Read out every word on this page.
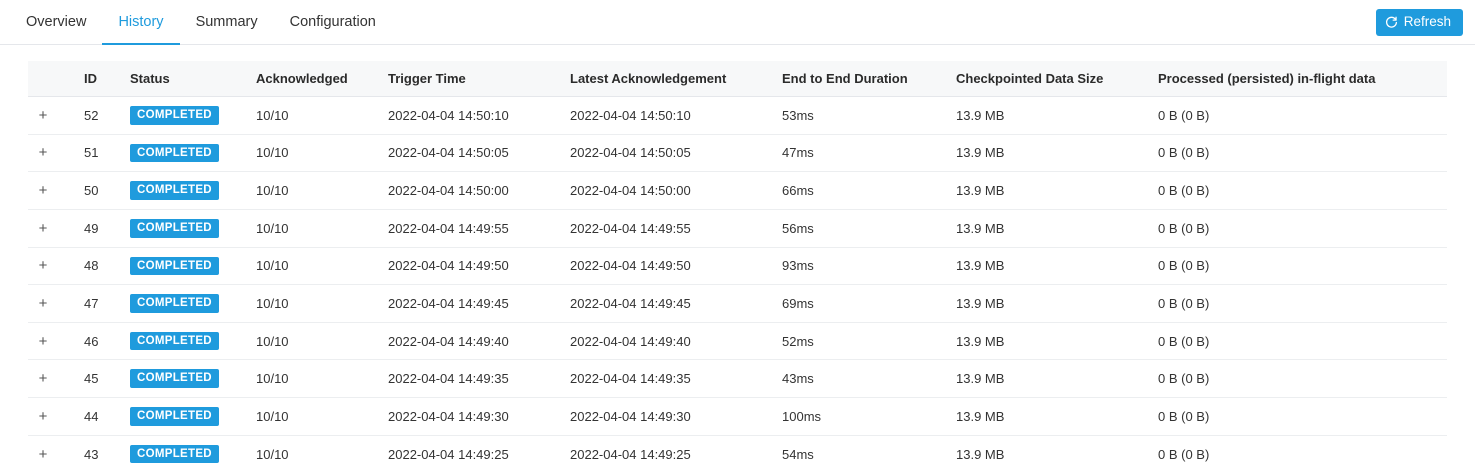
Overview	History	Summary	Configuration	Refresh
	ID	Status	Acknowledged	Trigger Time	Latest Acknowledgement	End to End Duration	Checkpointed Data Size	Processed (persisted) in-flight data
+	52	COMPLETED	10/10	2022-04-04 14:50:10	2022-04-04 14:50:10	53ms	13.9 MB	0 B (0 B)
+	51	COMPLETED	10/10	2022-04-04 14:50:05	2022-04-04 14:50:05	47ms	13.9 MB	0 B (0 B)
+	50	COMPLETED	10/10	2022-04-04 14:50:00	2022-04-04 14:50:00	66ms	13.9 MB	0 B (0 B)
+	49	COMPLETED	10/10	2022-04-04 14:49:55	2022-04-04 14:49:55	56ms	13.9 MB	0 B (0 B)
+	48	COMPLETED	10/10	2022-04-04 14:49:50	2022-04-04 14:49:50	93ms	13.9 MB	0 B (0 B)
+	47	COMPLETED	10/10	2022-04-04 14:49:45	2022-04-04 14:49:45	69ms	13.9 MB	0 B (0 B)
+	46	COMPLETED	10/10	2022-04-04 14:49:40	2022-04-04 14:49:40	52ms	13.9 MB	0 B (0 B)
+	45	COMPLETED	10/10	2022-04-04 14:49:35	2022-04-04 14:49:35	43ms	13.9 MB	0 B (0 B)
+	44	COMPLETED	10/10	2022-04-04 14:49:30	2022-04-04 14:49:30	100ms	13.9 MB	0 B (0 B)
+	43	COMPLETED	10/10	2022-04-04 14:49:25	2022-04-04 14:49:25	54ms	13.9 MB	0 B (0 B)
